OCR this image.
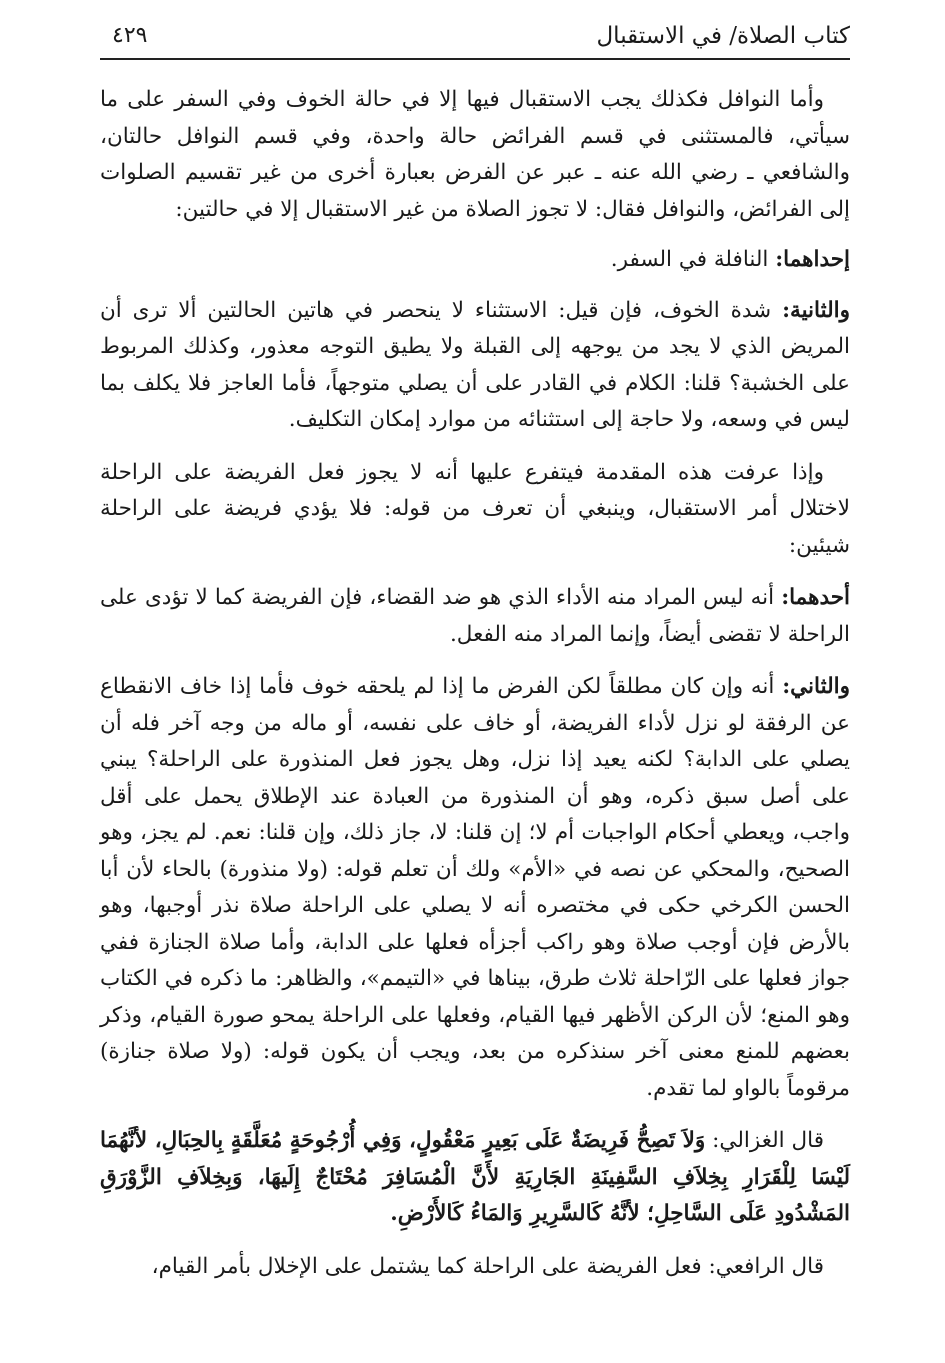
كتاب الصلاة/ في الاستقبال
٤٢٩

وأما النوافل فكذلك يجب الاستقبال فيها إلا في حالة الخوف وفي السفر على ما سيأتي، فالمستثنى في قسم الفرائض حالة واحدة، وفي قسم النوافل حالتان، والشافعي ـ رضي الله عنه ـ عبر عن الفرض بعبارة أخرى من غير تقسيم الصلوات إلى الفرائض، والنوافل فقال: لا تجوز الصلاة من غير الاستقبال إلا في حالتين:

إحداهما: النافلة في السفر.

والثانية: شدة الخوف، فإن قيل: الاستثناء لا ينحصر في هاتين الحالتين ألا ترى أن المريض الذي لا يجد من يوجهه إلى القبلة ولا يطيق التوجه معذور، وكذلك المربوط على الخشبة؟ قلنا: الكلام في القادر على أن يصلي متوجهاً، فأما العاجز فلا يكلف بما ليس في وسعه، ولا حاجة إلى استثنائه من موارد إمكان التكليف.

وإذا عرفت هذه المقدمة فيتفرع عليها أنه لا يجوز فعل الفريضة على الراحلة لاختلال أمر الاستقبال، وينبغي أن تعرف من قوله: فلا يؤدي فريضة على الراحلة شيئين:

أحدهما: أنه ليس المراد منه الأداء الذي هو ضد القضاء، فإن الفريضة كما لا تؤدى على الراحلة لا تقضى أيضاً، وإنما المراد منه الفعل.

والثاني: أنه وإن كان مطلقاً لكن الفرض ما إذا لم يلحقه خوف فأما إذا خاف الانقطاع عن الرفقة لو نزل لأداء الفريضة، أو خاف على نفسه، أو ماله من وجه آخر فله أن يصلي على الدابة؟ لكنه يعيد إذا نزل، وهل يجوز فعل المنذورة على الراحلة؟ يبني على أصل سبق ذكره، وهو أن المنذورة من العبادة عند الإطلاق يحمل على أقل واجب، ويعطي أحكام الواجبات أم لا؛ إن قلنا: لا، جاز ذلك، وإن قلنا: نعم. لم يجز، وهو الصحيح، والمحكي عن نصه في «الأم» ولك أن تعلم قوله: (ولا منذورة) بالحاء لأن أبا الحسن الكرخي حكى في مختصره أنه لا يصلي على الراحلة صلاة نذر أوجبها، وهو بالأرض فإن أوجب صلاة وهو راكب أجزأه فعلها على الدابة، وأما صلاة الجنازة ففي جواز فعلها على الرّاحلة ثلاث طرق، بيناها في «التيمم»، والظاهر: ما ذكره في الكتاب وهو المنع؛ لأن الركن الأظهر فيها القيام، وفعلها على الراحلة يمحو صورة القيام، وذكر بعضهم للمنع معنى آخر سنذكره من بعد، ويجب أن يكون قوله: (ولا صلاة جنازة) مرقوماً بالواو لما تقدم.

قال الغزالي: وَلاَ تَصِحُّ فَرِيضَةٌ عَلَى بَعِيرٍ مَعْقُولٍ، وَفِي أُرْجُوحَةٍ مُعَلَّقَةٍ بِالحِبَالِ، لأنَّهُمَا لَيْسَا لِلْقَرَارِ بِخِلاَفِ السَّفِينَةِ الجَارِيَةِ لأَنَّ الْمُسَافِرَ مُحْتَاجٌ إِلَيهَا، وَبِخِلاَفِ الزَّوْرَقِ المَشْدُودِ عَلَى السَّاحِلِ؛ لأنَّهُ كَالسَّرِيرِ وَالمَاءُ كَالأَرْضِ.

قال الرافعي: فعل الفريضة على الراحلة كما يشتمل على الإخلال بأمر القيام،
